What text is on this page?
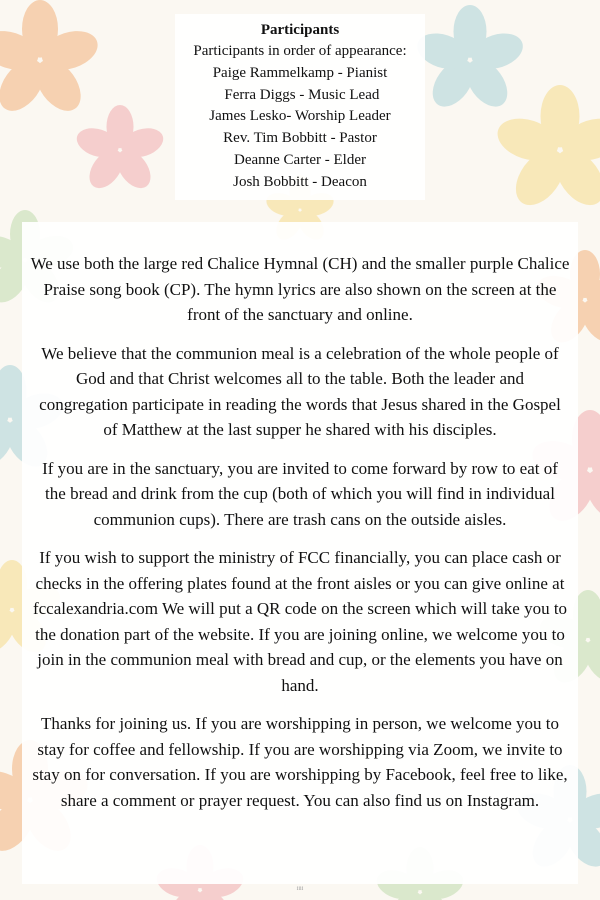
Participants
Participants in order of appearance:
Paige Rammelkamp - Pianist
Ferra Diggs - Music Lead
James Lesko- Worship Leader
Rev. Tim Bobbitt - Pastor
Deanne Carter - Elder
Josh Bobbitt - Deacon

We use both the large red Chalice Hymnal (CH) and the smaller purple Chalice Praise song book (CP). The hymn lyrics are also shown on the screen at the front of the sanctuary and online.

We believe that the communion meal is a celebration of the whole people of God and that Christ welcomes all to the table. Both the leader and congregation participate in reading the words that Jesus shared in the Gospel of Matthew at the last supper he shared with his disciples.

If you are in the sanctuary, you are invited to come forward by row to eat of the bread and drink from the cup (both of which you will find in individual communion cups). There are trash cans on the outside aisles.

If you wish to support the ministry of FCC financially, you can place cash or checks in the offering plates found at the front aisles or you can give online at fccalexandria.com We will put a QR code on the screen which will take you to the donation part of the website. If you are joining online, we welcome you to join in the communion meal with bread and cup, or the elements you have on hand.

Thanks for joining us. If you are worshipping in person, we welcome you to stay for coffee and fellowship. If you are worshipping via Zoom, we invite to stay on for conversation. If you are worshipping by Facebook, feel free to like, share a comment or prayer request. You can also find us on Instagram.

iiii
